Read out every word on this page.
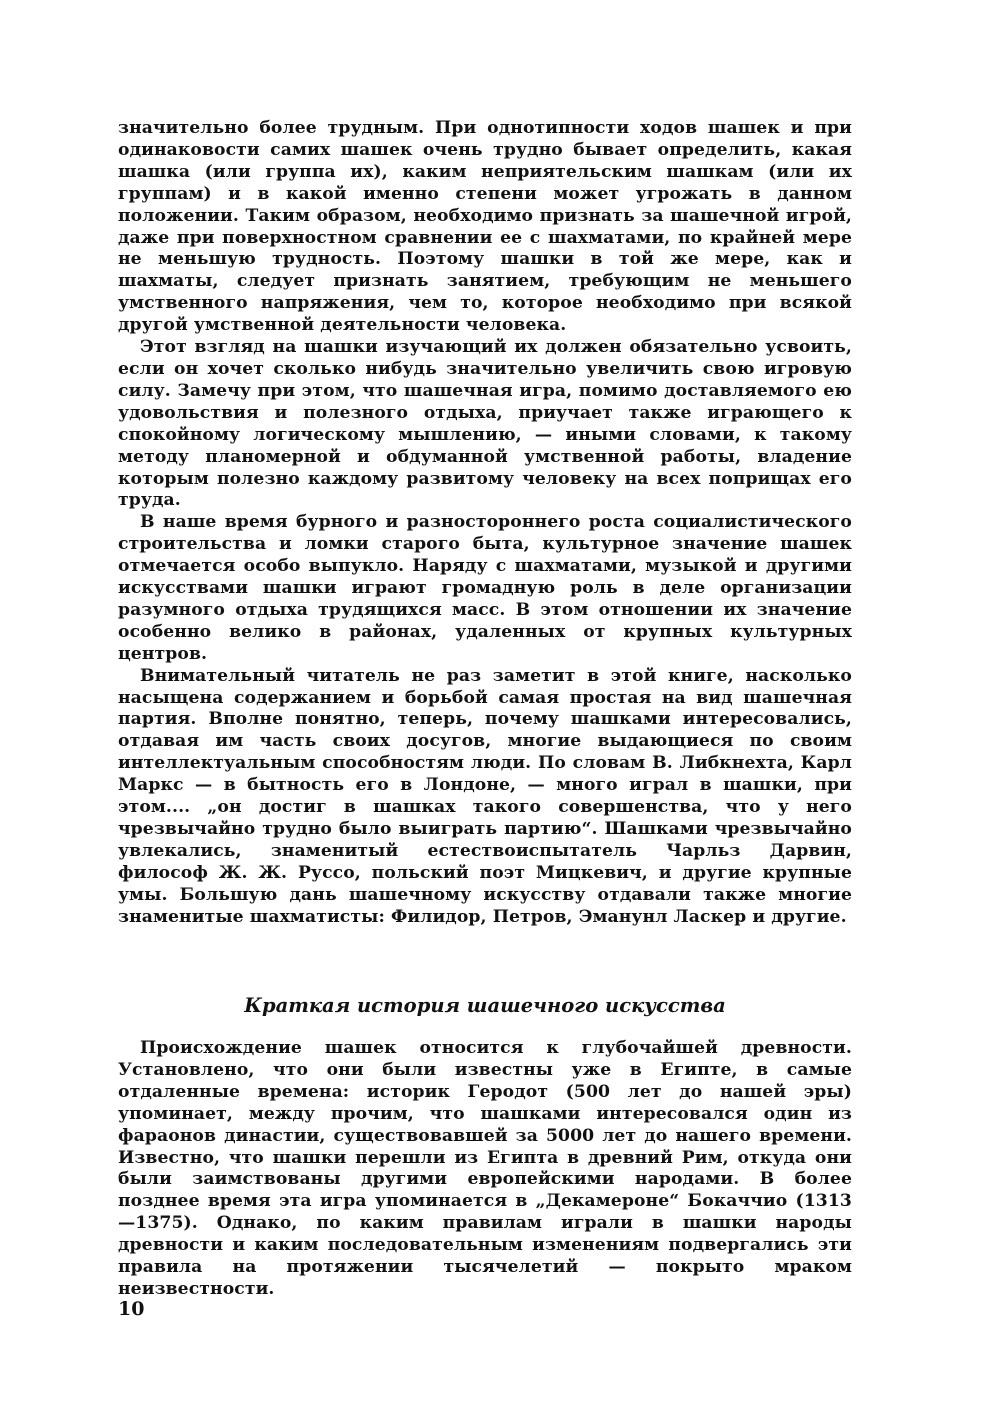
значительно более трудным. При однотипности ходов шашек и при одинаковости самих шашек очень трудно бывает определить, какая шашка (или группа их), каким неприятельским шашкам (или их группам) и в какой именно степени может угрожать в данном положении. Таким образом, необходимо признать за шашечной игрой, даже при поверхностном сравнении ее с шахматами, по крайней мере не меньшую трудность. Поэтому шашки в той же мере, как и шахматы, следует признать занятием, требующим не меньшего умственного напряжения, чем то, которое необходимо при всякой другой умственной деятельности человека.

Этот взгляд на шашки изучающий их должен обязательно усвоить, если он хочет сколько нибудь значительно увеличить свою игровую силу. Замечу при этом, что шашечная игра, помимо доставляемого ею удовольствия и полезного отдыха, приучает также играющего к спокойному логическому мышлению, — иными словами, к такому методу планомерной и обдуманной умственной работы, владение которым полезно каждому развитому человеку на всех поприщах его труда.

В наше время бурного и разностороннего роста социалистического строительства и ломки старого быта, культурное значение шашек отмечается особо выпукло. Наряду с шахматами, музыкой и другими искусствами шашки играют громадную роль в деле организации разумного отдыха трудящихся масс. В этом отношении их значение особенно велико в районах, удаленных от крупных культурных центров.

Внимательный читатель не раз заметит в этой книге, насколько насыщена содержанием и борьбой самая простая на вид шашечная партия. Вполне понятно, теперь, почему шашками интересовались, отдавая им часть своих досугов, многие выдающиеся по своим интеллектуальным способностям люди. По словам В. Либкнехта, Карл Маркс — в бытность его в Лондоне, — много играл в шашки, при этом.... „он достиг в шашках такого совершенства, что у него чрезвычайно трудно было выиграть партию“. Шашками чрезвычайно увлекались, знаменитый естествоиспытатель Чарльз Дарвин, философ Ж. Ж. Руссо, польский поэт Мицкевич, и другие крупные умы. Большую дань шашечному искусству отдавали также многие знаменитые шахматисты: Филидор, Петров, Эманунл Ласкер и другие.

Краткая история шашечного искусства

Происхождение шашек относится к глубочайшей древности. Установлено, что они были известны уже в Египте, в самые отдаленные времена: историк Геродот (500 лет до нашей эры) упоминает, между прочим, что шашками интересовался один из фараонов династии, существовавшей за 5000 лет до нашего времени. Известно, что шашки перешли из Египта в древний Рим, откуда они были заимствованы другими европейскими народами. В более позднее время эта игра упоминается в „Декамероне“ Бокаччио (1313—1375). Однако, по каким правилам играли в шашки народы древности и каким последовательным изменениям подвергались эти правила на протяжении тысячелетий — покрыто мраком неизвестности.

10
